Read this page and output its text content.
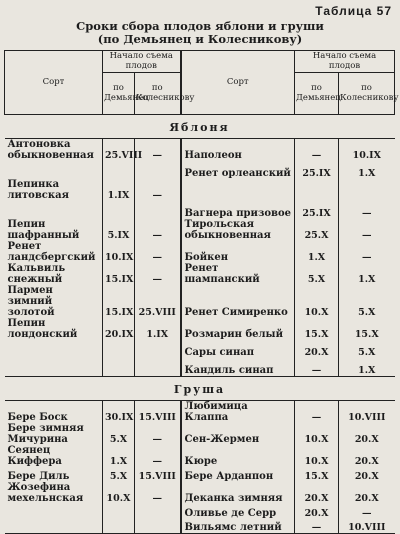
Таблица 57
Сроки сбора плодов яблони и груши
(по Демьянец и Колесникову)
Сорт	Начало съема плодов		Сорт	Начало съема плодов	
	по Демьянец	по Колесникову		по Демьянец	по Колесникову
Яблоня					
Антоновка обыкновенная	25.VIII	—	Наполеон	—	10.IX
			Ренет орлеанский	25.IX	1.X
Пепинка литовская	1.IX	—			
			Вагнера призовое	25.IX	—
Пепин шафранный	5.IX	—	Тирольская обыкновенная	25.X	—
Ренет ландсбергский	10.IX	—	Бойкен	1.X	—
Кальвиль снежный	15.IX	—	Ренет шампанский	5.X	1.X
Пармен зимний золотой	15.IX	25.VIII	Ренет Симиренко	10.X	5.X
Пепин лондонский	20.IX	1.IX	Розмарин белый	15.X	15.X
			Сары синап	20.X	5.X
			Кандиль синап	—	1.X
Груша					
Бере Боск	30.IX	15.VIII	Любимица Клаппа	—	10.VIII
Бере зимняя Мичурина	5.X	—	Сен-Жермен	10.X	20.X
Сеянец Киффера	1.X	—	Кюре	10.X	20.X
Бере Диль	5.X	15.VIII	Бере Арданпон	15.X	20.X
Жозефина мехельнская	10.X	—	Деканка зимняя	20.X	20.X
			Оливье де Серр	20.X	—
			Вильямс летний	—	10.VIII
